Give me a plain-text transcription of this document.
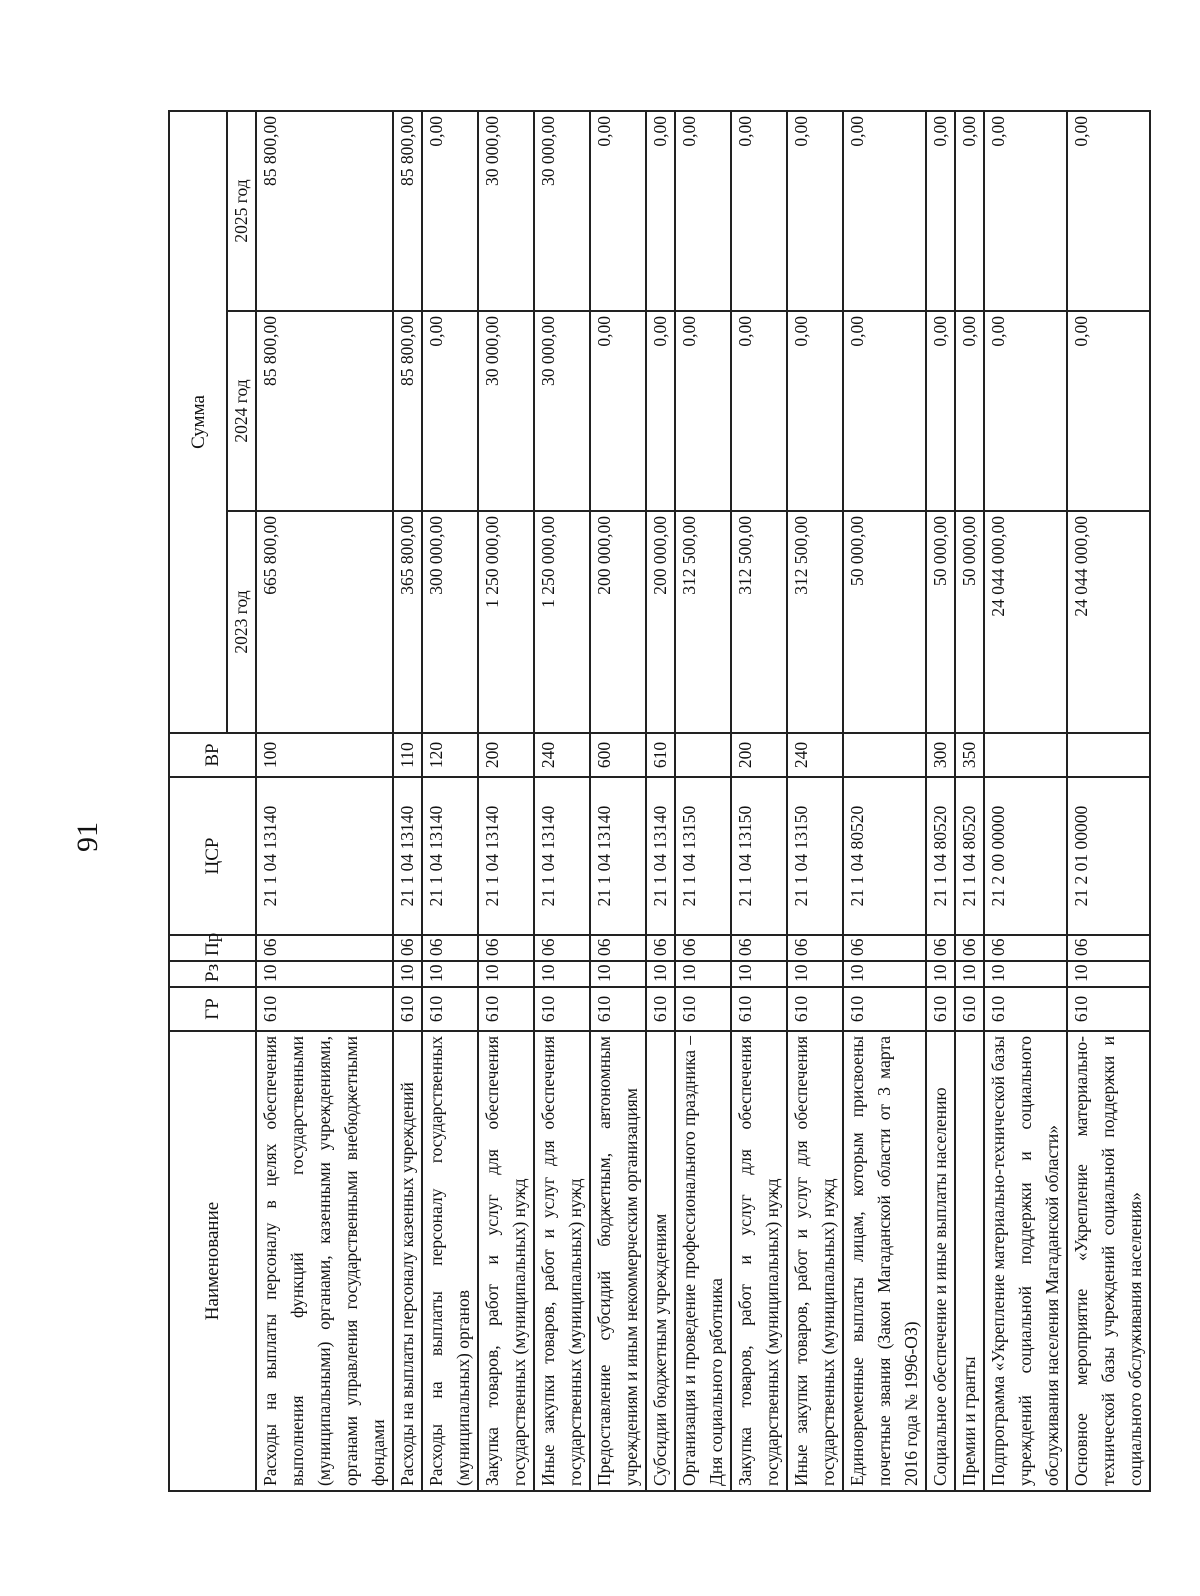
91
Наименование	ГР	Рз	Пр	ЦСР	ВР	Сумма		
						2023 год	2024 год	2025 год
Расходы на выплаты персоналу в целях обеспечения выполнения функций государственными (муниципальными) органами, казенными учреждениями, органами управления государственными внебюджетными фондами	610	10	06	21 1 04 13140	100	665 800,00	85 800,00	85 800,00
Расходы на выплаты персоналу казенных учреждений	610	10	06	21 1 04 13140	110	365 800,00	85 800,00	85 800,00
Расходы на выплаты персоналу государственных (муниципальных) органов	610	10	06	21 1 04 13140	120	300 000,00	0,00	0,00
Закупка товаров, работ и услуг для обеспечения государственных (муниципальных) нужд	610	10	06	21 1 04 13140	200	1 250 000,00	30 000,00	30 000,00
Иные закупки товаров, работ и услуг для обеспечения государственных (муниципальных) нужд	610	10	06	21 1 04 13140	240	1 250 000,00	30 000,00	30 000,00
Предоставление субсидий бюджетным, автономным учреждениям и иным некоммерческим организациям	610	10	06	21 1 04 13140	600	200 000,00	0,00	0,00
Субсидии бюджетным учреждениям	610	10	06	21 1 04 13140	610	200 000,00	0,00	0,00
Организация и проведение профессионального праздника – Дня социального работника	610	10	06	21 1 04 13150		312 500,00	0,00	0,00
Закупка товаров, работ и услуг для обеспечения государственных (муниципальных) нужд	610	10	06	21 1 04 13150	200	312 500,00	0,00	0,00
Иные закупки товаров, работ и услуг для обеспечения государственных (муниципальных) нужд	610	10	06	21 1 04 13150	240	312 500,00	0,00	0,00
Единовременные выплаты лицам, которым присвоены почетные звания (Закон Магаданской области от 3 марта 2016 года № 1996-ОЗ)	610	10	06	21 1 04 80520		50 000,00	0,00	0,00
Социальное обеспечение и иные выплаты населению	610	10	06	21 1 04 80520	300	50 000,00	0,00	0,00
Премии и гранты	610	10	06	21 1 04 80520	350	50 000,00	0,00	0,00
Подпрограмма «Укрепление материально-технической базы учреждений социальной поддержки и социального обслуживания населения Магаданской области»	610	10	06	21 2 00 00000		24 044 000,00	0,00	0,00
Основное мероприятие «Укрепление материально-технической базы учреждений социальной поддержки и социального обслуживания населения»	610	10	06	21 2 01 00000		24 044 000,00	0,00	0,00
